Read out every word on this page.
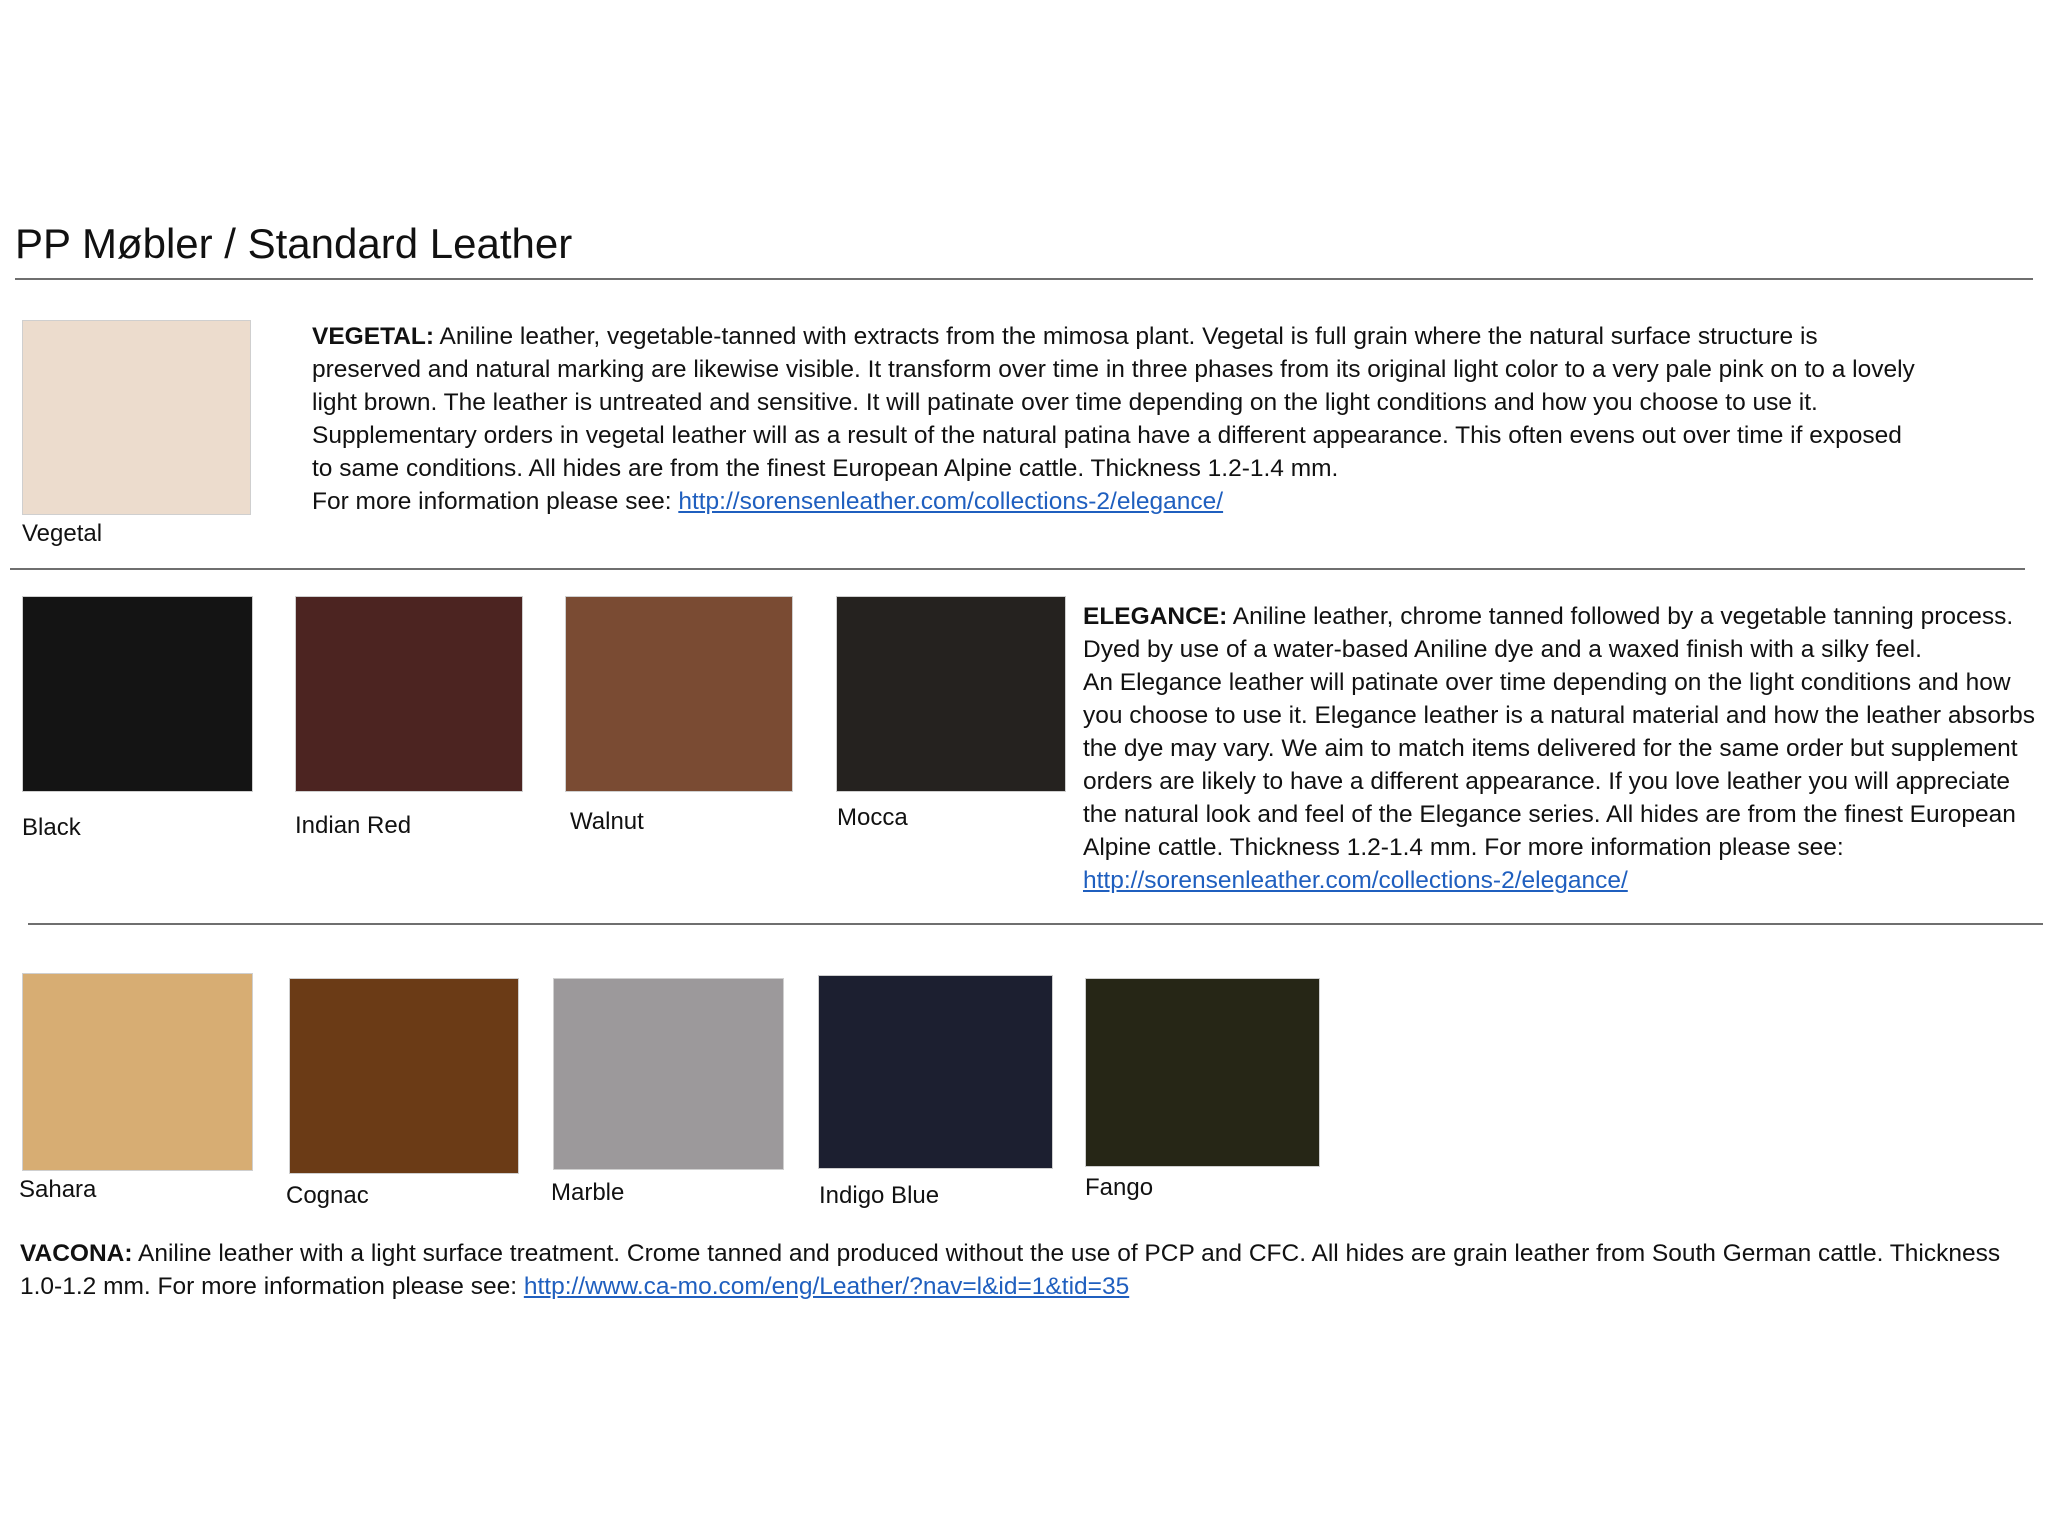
PP Møbler / Standard Leather
Vegetal

VEGETAL: Aniline leather, vegetable-tanned with extracts from the mimosa plant. Vegetal is full grain where the natural surface structure is preserved and natural marking are likewise visible. It transform over time in three phases from its original light color to a very pale pink on to a lovely light brown. The leather is untreated and sensitive. It will patinate over time depending on the light conditions and how you choose to use it. Supplementary orders in vegetal leather will as a result of the natural patina have a different appearance. This often evens out over time if exposed to same conditions. All hides are from the finest European Alpine cattle. Thickness 1.2-1.4 mm.

For more information please see: http://sorensenleather.com/collections-2/elegance/

Black	Indian Red	Walnut	Mocca

ELEGANCE: Aniline leather, chrome tanned followed by a vegetable tanning process. Dyed by use of a water-based Aniline dye and a waxed finish with a silky feel.

An Elegance leather will patinate over time depending on the light conditions and how you choose to use it. Elegance leather is a natural material and how the leather absorbs the dye may vary. We aim to match items delivered for the same order but supplement orders are likely to have a different appearance. If you love leather you will appreciate the natural look and feel of the Elegance series. All hides are from the finest European Alpine cattle. Thickness 1.2-1.4 mm. For more information please see: http://sorensenleather.com/collections-2/elegance/

Sahara	Cognac	Marble	Indigo Blue	Fango

VACONA: Aniline leather with a light surface treatment. Crome tanned and produced without the use of PCP and CFC. All hides are grain leather from South German cattle. Thickness 1.0-1.2 mm. For more information please see: http://www.ca-mo.com/eng/Leather/?nav=l&id=1&tid=35
